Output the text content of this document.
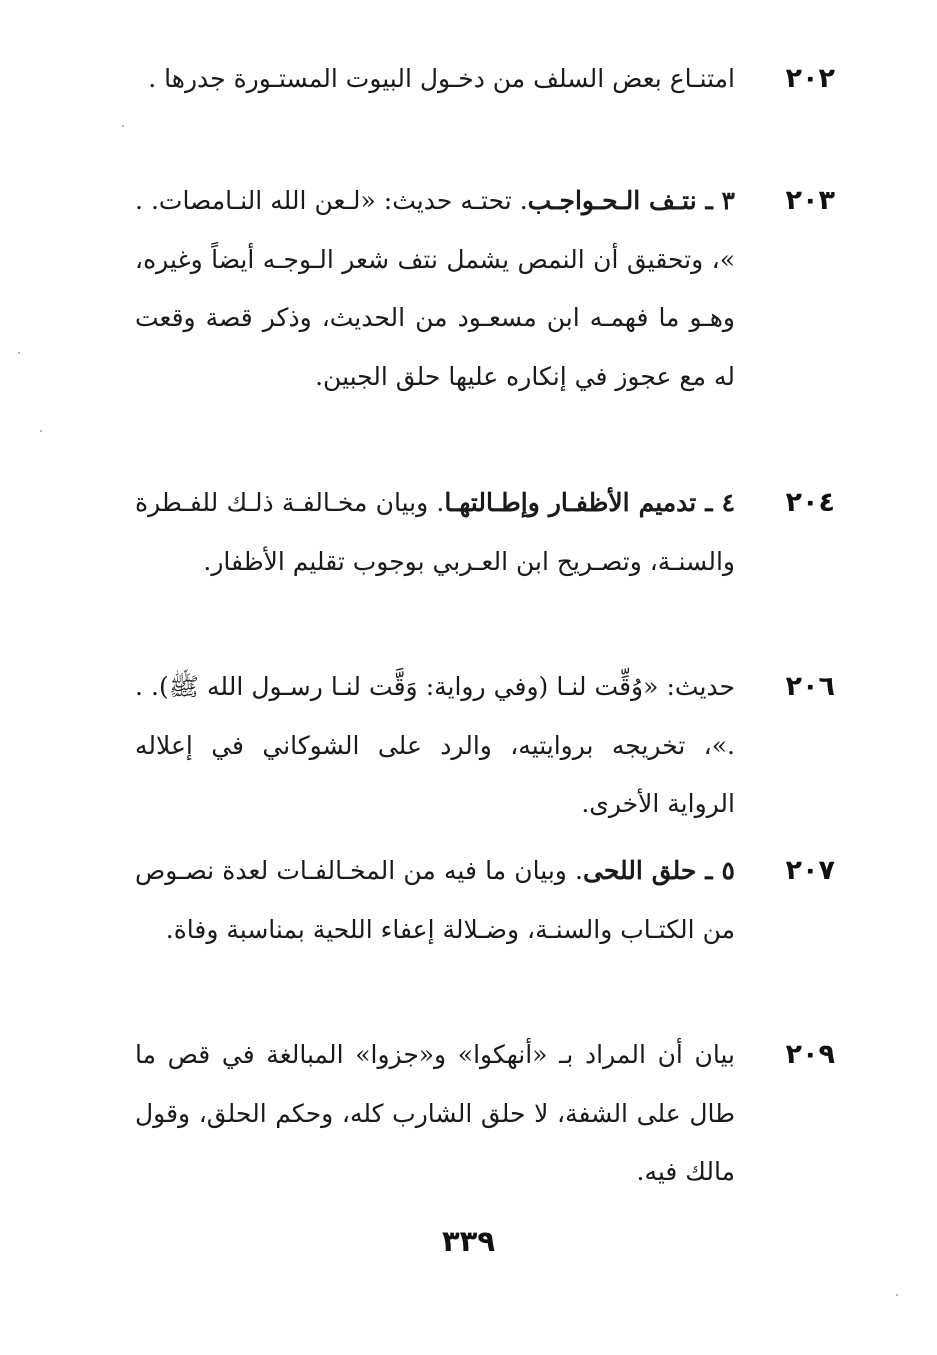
٢٠٢
امتنـاع بعض السلف من دخـول البيوت المستـورة جدرها .
٢٠٣
٣ ـ نتـف الـحـواجـب. تحتـه حديث: «لـعن الله النـامصات. . »، وتحقيق أن النمص يشمل نتف شعر الـوجـه أيضاً وغيره، وهـو ما فهمـه ابن مسعـود من الحديث، وذكر قصة وقعت له مع عجوز في إنكاره عليها حلق الجبين.
٢٠٤
٤ ـ تدميم الأظفـار وإطـالتهـا. وبيان مخـالفـة ذلـك للفـطرة والسنـة، وتصـريح ابن العـربي بوجوب تقليم الأظفار.
٢٠٦
حديث: «وُقِّت لنـا (وفي رواية: وَقَّت لنـا رسـول الله ﷺ). . .»، تخريجه بروايتيه، والرد على الشوكاني في إعلاله الرواية الأخرى.
٢٠٧
٥ ـ حلق اللحى. وبيان ما فيه من المخـالفـات لعدة نصـوص من الكتـاب والسنـة، وضـلالة إعفاء اللحية بمناسبة وفاة.
٢٠٩
بيان أن المراد بـ «أنهكوا» و«جزوا» المبالغة في قص ما طال على الشفة، لا حلق الشارب كله، وحكم الحلق، وقول مالك فيه.
٣٣٩
